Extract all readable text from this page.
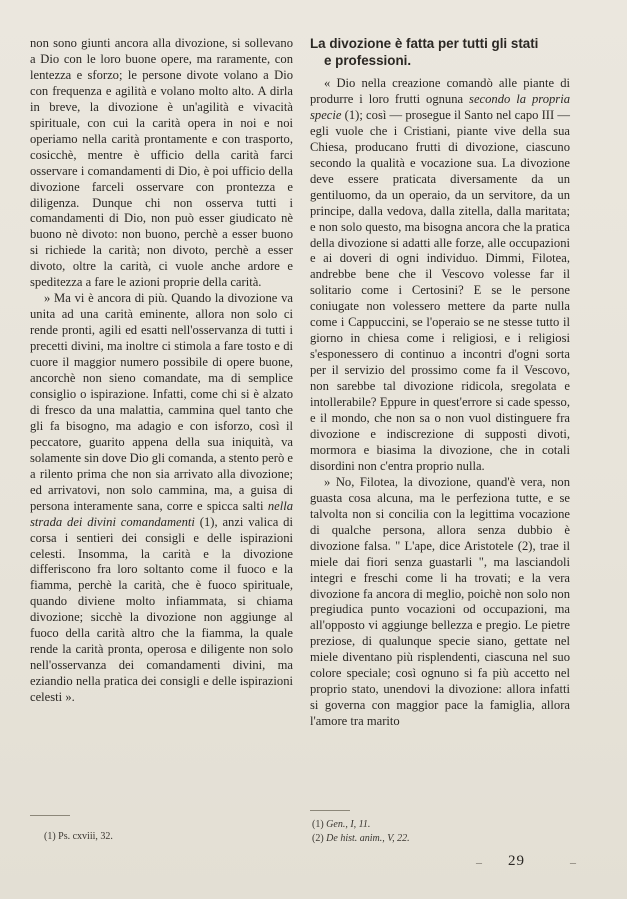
non sono giunti ancora alla divozione, si sollevano a Dio con le loro buone opere, ma raramente, con lentezza e sforzo; le persone divote volano a Dio con frequenza e agilità e volano molto alto. A dirla in breve, la divozione è un'agilità e vivacità spirituale, con cui la carità opera in noi e noi operiamo nella carità prontamente e con trasporto, cosicchè, mentre è ufficio della carità farci osservare i comandamenti di Dio, è poi ufficio della divozione farceli osservare con prontezza e diligenza. Dunque chi non osserva tutti i comandamenti di Dio, non può esser giudicato nè buono nè divoto: non buono, perchè a esser buono si richiede la carità; non divoto, perchè a esser divoto, oltre la carità, ci vuole anche ardore e speditezza a fare le azioni proprie della carità.

» Ma vi è ancora di più. Quando la divozione va unita ad una carità eminente, allora non solo ci rende pronti, agili ed esatti nell'osservanza di tutti i precetti divini, ma inoltre ci stimola a fare tosto e di cuore il maggior numero possibile di opere buone, ancorchè non sieno comandate, ma di semplice consiglio o ispirazione. Infatti, come chi si è alzato di fresco da una malattia, cammina quel tanto che gli fa bisogno, ma adagio e con isforzo, così il peccatore, guarito appena della sua iniquità, va solamente sin dove Dio gli comanda, a stento però e a rilento prima che non sia arrivato alla divozione; ed arrivatovi, non solo cammina, ma, a guisa di persona interamente sana, corre e spicca salti nella strada dei divini comandamenti (1), anzi valica di corsa i sentieri dei consigli e delle ispirazioni celesti. Insomma, la carità e la divozione differiscono fra loro soltanto come il fuoco e la fiamma, perchè la carità, che è fuoco spirituale, quando diviene molto infiammata, si chiama divozione; sicchè la divozione non aggiunge al fuoco della carità altro che la fiamma, la quale rende la carità pronta, operosa e diligente non solo nell'osservanza dei comandamenti divini, ma eziandio nella pratica dei consigli e delle ispirazioni celesti ».

(1) Ps. cxviii, 32.
La divozione è fatta per tutti gli stati
e professioni.

« Dio nella creazione comandò alle piante di produrre i loro frutti ognuna secondo la propria specie (1); così — prosegue il Santo nel capo III — egli vuole che i Cristiani, piante vive della sua Chiesa, producano frutti di divozione, ciascuno secondo la qualità e vocazione sua. La divozione deve essere praticata diversamente da un gentiluomo, da un operaio, da un servitore, da un principe, dalla vedova, dalla zitella, dalla maritata; e non solo questo, ma bisogna ancora che la pratica della divozione si adatti alle forze, alle occupazioni e ai doveri di ogni individuo. Dimmi, Filotea, andrebbe bene che il Vescovo volesse far il solitario come i Certosini? E se le persone coniugate non volessero mettere da parte nulla come i Cappuccini, se l'operaio se ne stesse tutto il giorno in chiesa come i religiosi, e i religiosi s'esponessero di continuo a incontri d'ogni sorta per il servizio del prossimo come fa il Vescovo, non sarebbe tal divozione ridicola, sregolata e intollerabile? Eppure in quest'errore si cade spesso, e il mondo, che non sa o non vuol distinguere fra divozione e indiscrezione di supposti divoti, mormora e biasima la divozione, che in cotali disordini non c'entra proprio nulla.

» No, Filotea, la divozione, quand'è vera, non guasta cosa alcuna, ma le perfeziona tutte, e se talvolta non si concilia con la legittima vocazione di qualche persona, allora senza dubbio è divozione falsa. " L'ape, dice Aristotele (2), trae il miele dai fiori senza guastarli ", ma lasciandoli integri e freschi come li ha trovati; e la vera divozione fa ancora di meglio, poichè non solo non pregiudica punto vocazioni od occupazioni, ma all'opposto vi aggiunge bellezza e pregio. Le pietre preziose, di qualunque specie siano, gettate nel miele diventano più risplendenti, ciascuna nel suo colore speciale; così ognuno si fa più accetto nel proprio stato, unendovi la divozione: allora infatti si governa con maggior pace la famiglia, allora l'amore tra marito

(1) Gen., I, 11.
(2) De hist. anim., V, 22.
– 29	–
